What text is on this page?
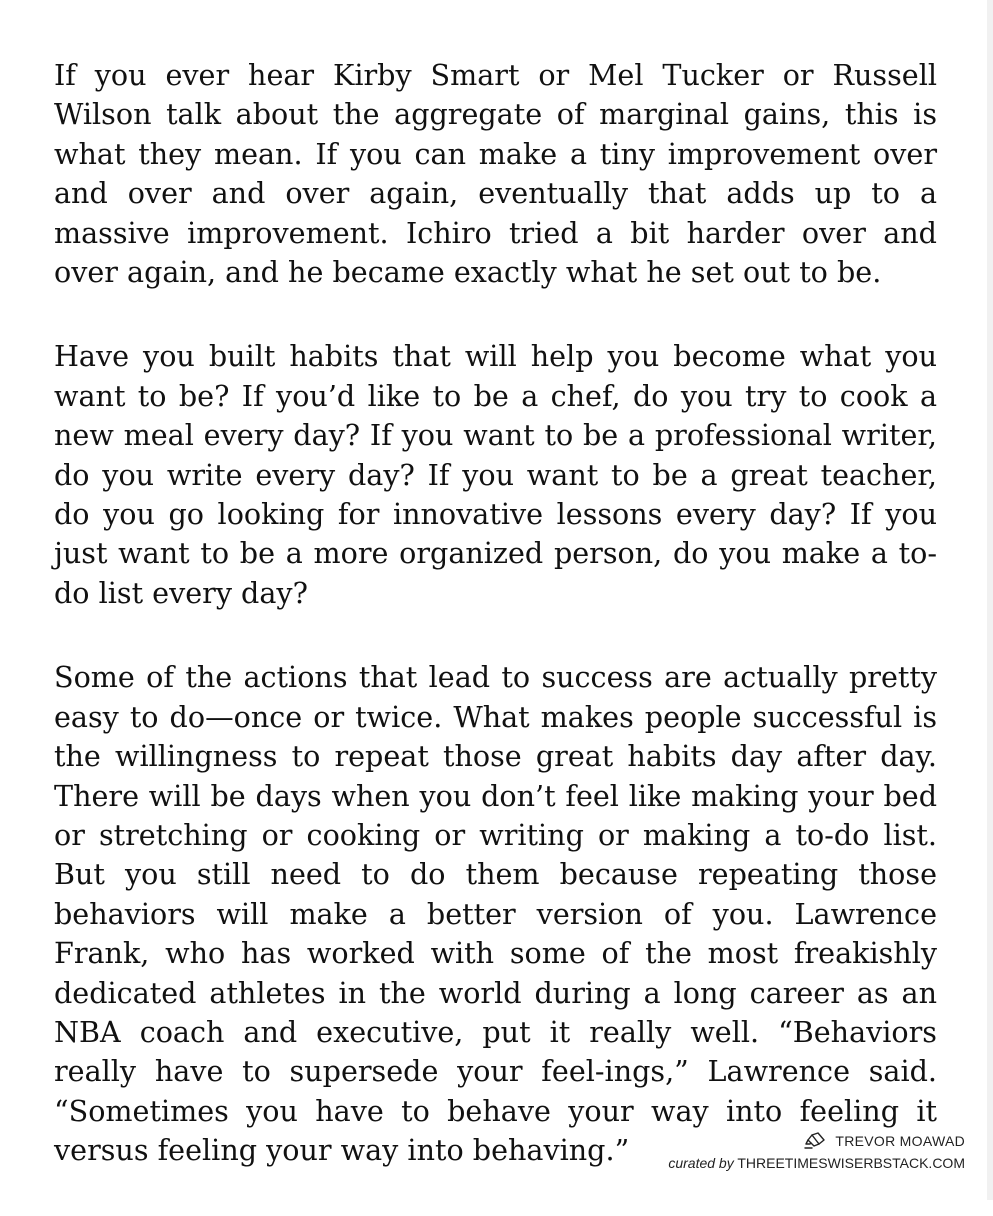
If you ever hear Kirby Smart or Mel Tucker or Russell Wilson talk about the aggregate of marginal gains, this is what they mean. If you can make a tiny improvement over and over and over again, eventually that adds up to a massive improvement. Ichiro tried a bit harder over and over again, and he became exactly what he set out to be.

Have you built habits that will help you become what you want to be? If you’d like to be a chef, do you try to cook a new meal every day? If you want to be a professional writer, do you write every day? If you want to be a great teacher, do you go looking for innovative lessons every day? If you just want to be a more organized person, do you make a to-do list every day?

Some of the actions that lead to success are actually pretty easy to do—once or twice. What makes people successful is the willingness to repeat those great habits day after day. There will be days when you don’t feel like making your bed or stretching or cooking or writing or making a to-do list. But you still need to do them because repeating those behaviors will make a better version of you. Lawrence Frank, who has worked with some of the most freakishly dedicated athletes in the world during a long career as an NBA coach and executive, put it really well. “Behaviors really have to supersede your feel-ings,” Lawrence said. “Sometimes you have to behave your way into feeling it versus feeling your way into behaving.”	TREVOR MOAWAD
curated by THREETIMESWISERBSTACK.COM
